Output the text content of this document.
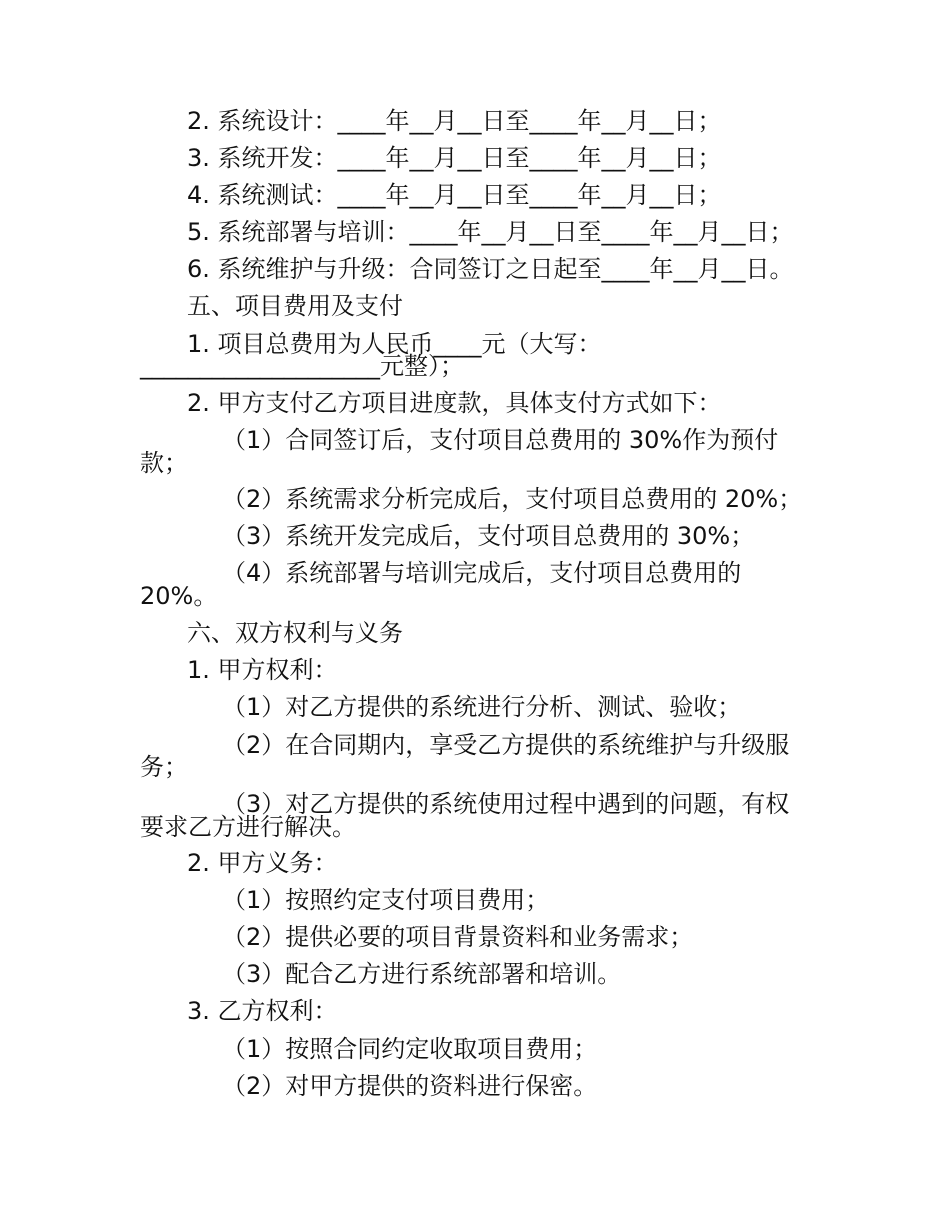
2. 系统设计：____年__月__日至____年__月__日；
3. 系统开发：____年__月__日至____年__月__日；
4. 系统测试：____年__月__日至____年__月__日；
5. 系统部署与培训：____年__月__日至____年__月__日；
6. 系统维护与升级：合同签订之日起至____年__月__日。
五、项目费用及支付
1. 项目总费用为人民币____元（大写：
____________________元整）；
2. 甲方支付乙方项目进度款，具体支付方式如下：
（1）合同签订后，支付项目总费用的 30%作为预付
款；
（2）系统需求分析完成后，支付项目总费用的 20%；
（3）系统开发完成后，支付项目总费用的 30%；
（4）系统部署与培训完成后，支付项目总费用的
20%。
六、双方权利与义务
1. 甲方权利：
（1）对乙方提供的系统进行分析、测试、验收；
（2）在合同期内，享受乙方提供的系统维护与升级服
务；
（3）对乙方提供的系统使用过程中遇到的问题，有权
要求乙方进行解决。
2. 甲方义务：
（1）按照约定支付项目费用；
（2）提供必要的项目背景资料和业务需求；
（3）配合乙方进行系统部署和培训。
3. 乙方权利：
（1）按照合同约定收取项目费用；
（2）对甲方提供的资料进行保密。
